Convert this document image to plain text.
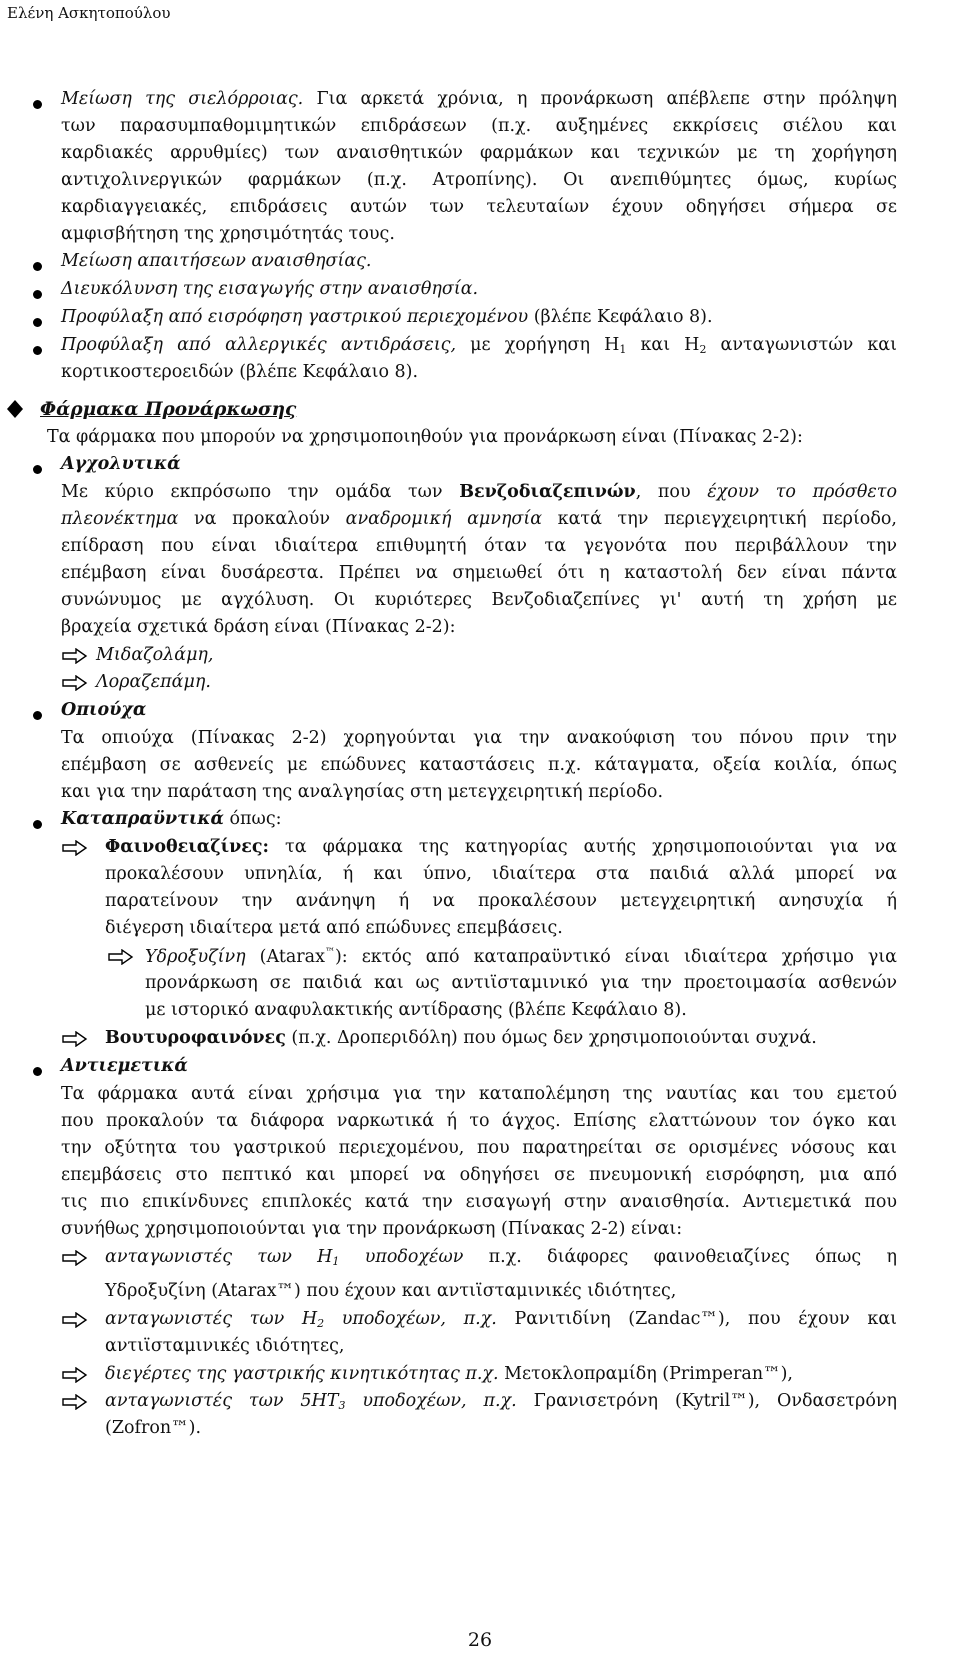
Ελένη Ασκητοπούλου
Μείωση της σιελόρροιας. Για αρκετά χρόνια, η προνάρκωση απέβλεπε στην πρόληψη
των παρασυμπαθομιμητικών επιδράσεων (π.χ. αυξημένες εκκρίσεις σιέλου και
καρδιακές αρρυθμίες) των αναισθητικών φαρμάκων και τεχνικών με τη χορήγηση
αντιχολινεργικών φαρμάκων (π.χ. Ατροπίνης). Οι ανεπιθύμητες όμως, κυρίως
καρδιαγγειακές, επιδράσεις αυτών των τελευταίων έχουν οδηγήσει σήμερα σε
αμφισβήτηση της χρησιμότητάς τους.
Μείωση απαιτήσεων αναισθησίας.
Διευκόλυνση της εισαγωγής στην αναισθησία.
Προφύλαξη από εισρόφηση γαστρικού περιεχομένου (βλέπε Κεφάλαιο 8).
Προφύλαξη από αλλεργικές αντιδράσεις, με χορήγηση $H_1$ και $H_2$ ανταγωνιστών και
κορτικοστεροειδών (βλέπε Κεφάλαιο 8).
Φάρμακα Προνάρκωσης
Τα φάρμακα που μπορούν να χρησιμοποιηθούν για προνάρκωση είναι (Πίνακας 2-2):
Αγχολυτικά
Με κύριο εκπρόσωπο την ομάδα των Βενζοδιαζεπινών, που έχουν το πρόσθετο
πλεονέκτημα να προκαλούν αναδρομική αμνησία κατά την περιεγχειρητική περίοδο,
επίδραση που είναι ιδιαίτερα επιθυμητή όταν τα γεγονότα που περιβάλλουν την
επέμβαση είναι δυσάρεστα. Πρέπει να σημειωθεί ότι η καταστολή δεν είναι πάντα
συνώνυμος με αγχόλυση. Οι κυριότερες Βενζοδιαζεπίνες γι' αυτή τη χρήση με
βραχεία σχετικά δράση είναι (Πίνακας 2-2):
Μιδαζολάμη,
Λοραζεπάμη.
Οπιούχα
Τα οπιούχα (Πίνακας 2-2) χορηγούνται για την ανακούφιση του πόνου πριν την
επέμβαση σε ασθενείς με επώδυνες καταστάσεις π.χ. κάταγματα, οξεία κοιλία, όπως
και για την παράταση της αναλγησίας στη μετεγχειρητική περίοδο.
Καταπραϋντικά όπως:
Φαινοθειαζίνες: τα φάρμακα της κατηγορίας αυτής χρησιμοποιούνται για να
προκαλέσουν υπνηλία, ή και ύπνο, ιδιαίτερα στα παιδιά αλλά μπορεί να
παρατείνουν την ανάνηψη ή να προκαλέσουν μετεγχειρητική ανησυχία ή
διέγερση ιδιαίτερα μετά από επώδυνες επεμβάσεις.
Υδροξυζίνη (Atarax™): εκτός από καταπραϋντικό είναι ιδιαίτερα χρήσιμο για
προνάρκωση σε παιδιά και ως αντιϊσταμινικό για την προετοιμασία ασθενών
με ιστορικό αναφυλακτικής αντίδρασης (βλέπε Κεφάλαιο 8).
Βουτυροφαινόνες (π.χ. Δροπεριδόλη) που όμως δεν χρησιμοποιούνται συχνά.
Αντιεμετικά
Τα φάρμακα αυτά είναι χρήσιμα για την καταπολέμηση της ναυτίας και του εμετού
που προκαλούν τα διάφορα ναρκωτικά ή το άγχος. Επίσης ελαττώνουν τον όγκο και
την οξύτητα του γαστρικού περιεχομένου, που παρατηρείται σε ορισμένες νόσους και
επεμβάσεις στο πεπτικό και μπορεί να οδηγήσει σε πνευμονική εισρόφηση, μια από
τις πιο επικίνδυνες επιπλοκές κατά την εισαγωγή στην αναισθησία. Αντιεμετικά που
συνήθως χρησιμοποιούνται για την προνάρκωση (Πίνακας 2-2) είναι:
ανταγωνιστές των $H_1$ υποδοχέων π.χ. διάφορες φαινοθειαζίνες όπως η
Υδροξυζίνη (Atarax™) που έχουν και αντιϊσταμινικές ιδιότητες,
ανταγωνιστές των $H_2$ υποδοχέων, π.χ. Ρανιτιδίνη (Zandac™), που έχουν και
αντιϊσταμινικές ιδιότητες,
διεγέρτες της γαστρικής κινητικότητας π.χ. Μετοκλοπραμίδη (Primperan™),
ανταγωνιστές των $5HT_3$ υποδοχέων, π.χ. Γρανισετρόνη (Kytril™), Ονδασετρόνη
(Zofron™).
26
